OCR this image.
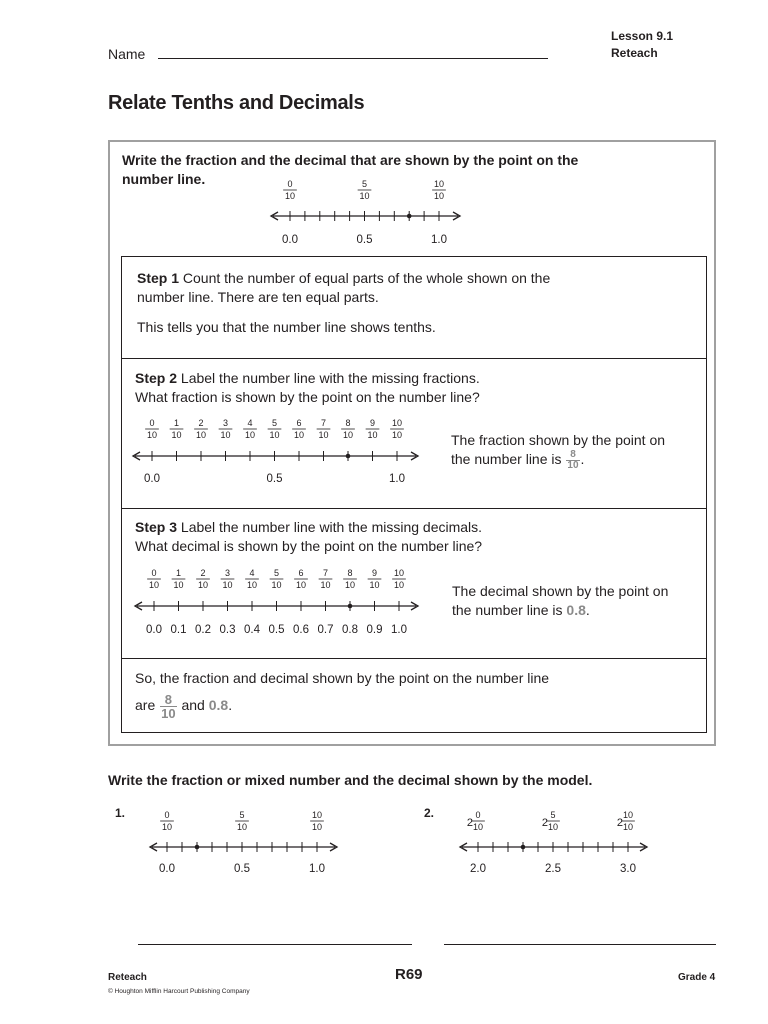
Lesson 9.1
Reteach
Name
Relate Tenths and Decimals
Write the fraction and the decimal that are shown by the point on the number line.	0
10
5
10
10
10
0.0	0.5	1.0
0
10
1
10
2
10
3
10
4
10
5
10
6
10
7
10
8
10
9
10
10
10
0.0	0.5	1.0
0
10
1
10
2
10
3
10
4
10
5
10
6
10
7
10
8
10
9
10
10
10
0.0 0.1 0.2 0.3 0.4 0.5 0.6 0.7 0.8 0.9 1.0
0
10
5
10
10
10
0.0	0.5	1.0
2
0
10	2
5
10	2
10
10
2.0	2.5	3.0
Step 1 Count the number of equal parts of the whole shown on the number line. There are ten equal parts.
This tells you that the number line shows tenths.
Step 2 Label the number line with the missing fractions.
What fraction is shown by the point on the number line?
The fraction shown by the point on
the number line is $\frac{8}{10}$ .
Step 3 Label the number line with the missing decimals.
What decimal is shown by the point on the number line?
The decimal shown by the point on
the number line is 0.8.
So, the fraction and decimal shown by the point on the number line
are $\frac{8}{10}$ and 0.8.
Write the fraction or mixed number and the decimal shown by the model.
1.	2.
Reteach
© Houghton Mifflin Harcourt Publishing Company
R69	Grade 4
